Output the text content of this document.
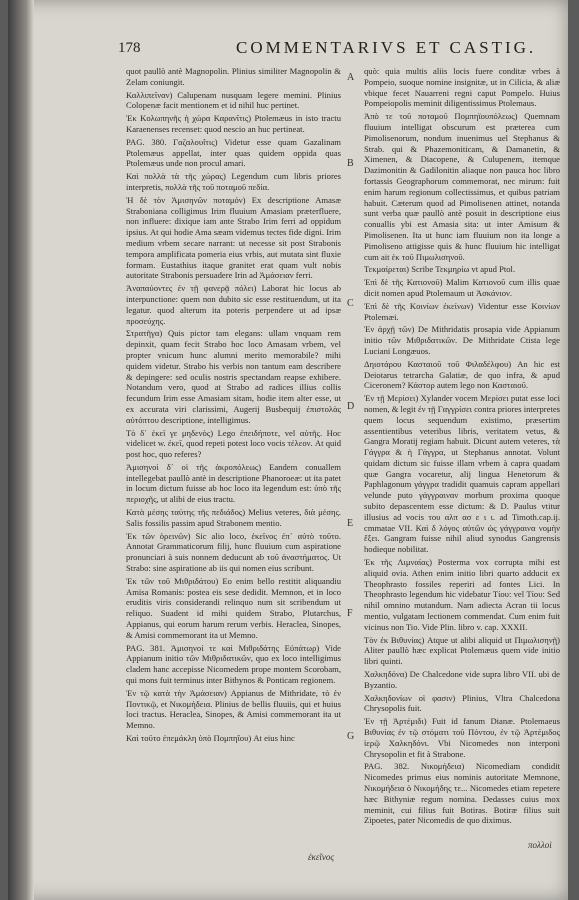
178	COMMENTARIVS ET CASTIG.

quot paullò antè Magnopolin. Plinius similiter Magnopolin & Zelam coniungit.

Καλλιπεῖναν) Calupenam nusquam legere memini. Plinius Colopenæ facit mentionem et id nihil huc pertinet.

Ἐκ Κολωπηνῆς ἡ χώρα Καρανῖτις) Ptolemæus in isto tractu Karaenenses recenset: quod nescio an huc pertineat.

PAG. 380. Γαζαλουΐτις) Videtur esse quam Gazalinam Ptolemæus appellat, inter quas quidem oppida quas Ptolemæus unde non procul amari.

Καὶ πολλὰ τὰ τῆς χώρας) Legendum cum libris priores interpretis, πολλὰ τῆς τοῦ ποταμοῦ πεδία.

Ἡ δὲ τὸν Ἀμισηνῶν ποταμόν) Ex descriptione Amasæ Straboniana colligimus Irim fluuium Amasiam præterfluere, non influere: dixique iam ante Strabo Irim ferri ad oppidum ipsius. At qui hodie Ama sæam videmus tectes fide digni. Irim medium vrbem secare narrant: ut necesse sit post Strabonis tempora amplificata pomeria eius vrbis, aut mutata sint fluxie formam. Eustathius itaque granitet erat quam vult nobis autoritate Strabonis persuadere Irin ad Ἀμάσειαν ferri.

Ἀναπαύοντες ἐν τῇ φανερᾷ πόλει) Laborat hic locus ab interpunctione: quem non dubito sic esse restituendum, ut ita legatur. quod alterum ita poteris perpendere ut ad ipsæ προσεύχης.

Στρατῆγα) Quis pictor tam elegans: ullam vnquam rem depinxit, quam fecit Strabo hoc loco Amasam vrbem, vel propter vnicum hunc alumni merito memorabile? mihi quidem videtur. Strabo his verbis non tantum eam describere & depingere: sed oculis nostris spectandam reapse exhibere. Notandum vero, quod at Strabo ad radices illius collis fecundum Irim esse Amasiam sitam, hodie item alter esse, ut ex accurata viri clarissimi, Augerij Busbequij ἐπιστολὰς αὐτόπτου descriptione, intelligimus.

Τὸ δ᾿ ἐκεῖ γε μηδενὸς) Lego ἐπειδήποτε, vel αὐτῆς. Hoc videlicet w. ἐκεῖ, quod repeti potest loco vocis τέλεον. At quid post hoc, quo referes?

Ἀμισηνοὶ δ᾿ οἱ τῆς ἀκροπόλεως) Eandem conuallem intellegebat paullò antè in descriptione Phanoroeæ: ut ita patet in locum dictum fuisse ab hoc loco ita legendum est: ὑπὸ τῆς περιοχῆς, ut alibi de eius tractu.

Κατὰ μέσης ταύτης τῆς πεδιάδος) Melius veteres, διὰ μέσης. Salis fossilis passim apud Strabonem mentio.

Ἐκ τῶν ὁρεινῶν) Sic alio loco, ἐκεῖνος ἐπ᾿ αὐτὸ τοῦτο. Annotat Grammaticorum filij, hunc fluuium cum aspiratione pronunciari à suis nonnem deducunt ab τοῦ ἀναστήματος. Ut Strabo: sine aspiratione ab iis qui nomen eius scribunt.

Ἐκ τῶν τοῦ Μιθριδάτου) Eo enim bello restitit aliquandiu Amisa Romanis: postea eis sese dedidit. Memnon, et in loco eruditis viris considerandi relinquo num sit scribendum ut reliquo. Suadent id mihi quidem Strabo, Plutarchus, Appianus, qui eorum harum rerum verbis. Heraclea, Sinopes, & Amisi commemorant ita ut Memno.

PAG. 381. Ἀμισηνοί τε καὶ Μιθριδάτης Εὐπάτωρ) Vide Appianum initio τῶν Μιθριδατικῶν, quo ex loco intelligimus cladem hanc accepisse Nicomedem prope montem Scorobam, qui mons fuit terminus inter Bithynos & Ponticam regionem.

Ἐν τῷ κατὰ τὴν Ἀμάσειαν) Appianus de Mithridate, τὸ ἐν Ποντικῷ, et Νικομήδεια. Plinius de bellis fluuiis, qui et huius loci tractus. Heraclea, Sinopes, & Amisi commemorant ita ut Memno.

Καὶ τοῦτο ἐπεμάκλη ὑπὸ Πομπηΐου) At eius hinc

A
B
C
D
E
F
G

quò: quia multis aliis locis fuere conditæ vrbes à Pompeio, suoque nomine insignitæ, ut in Cilicia, & aliæ vbique fecet Nauarreni regni caput Pompelo. Huius Pompeiopolis meminit diligentissimus Ptolemaus.

Ἀπὸ τε τοῦ ποταμοῦ Πομπηϊουπόλεως) Quemnam fluuium intelligat obscurum est præterea cum Pimolisenorum, nondum inuenimus uel Stephanus & Strab. qui & Phazemoniticam, & Damanetin, & Ximenen, & Diacopene, & Culupenem, itemque Dazimonitin & Gadilonitin aliaque non pauca hoc libro fortassis Geographorum commemorat, nec mirum: fuit enim harum regionum collectissimus, et quibus patriam habuit. Cæterum quod ad Pimolisenen attinet, notanda sunt verba quæ paullò antè posuit in descriptione eius conuallis ybi est Amasia sita: ut inter Amisum & Pimolisenen. Ita ut hunc iam fluuium non ita longe a Pimoliseno attigisse quis & hunc fluuium hic intelligat cum ait ἐκ τοῦ Πιμωλισηνοῦ.

Τεκμαίρεται) Scribe Τεκμηρίω vt apud Ptol.

Ἐπὶ δὲ τῆς Κατιονοῦ) Malim Κατιονοῦ cum illis quae dicit nomen apud Ptolemaum ut Ἀσκάνιον.

Ἐπὶ δὲ τῆς Κοινίων ἐκείνων) Videntur esse Κοινίων Ptolemæi.

Ἐν ἀρχῇ τῶν) De Mithridatis prosapia vide Appianum initio τῶν Μιθριδατικῶν. De Mithridate Ctista lege Luciani Longæuos.

Δηιοτάρου Κασταιοῦ τοῦ Φιλαδέλφου) An hic est Deiotarus tetrarcha Galatiæ, de quo infra, & apud Ciceronem? Κάστορ autem lego non Κασταιοῦ.

Ἐν τῇ Μερίσει) Xylander vocem Μερίσει putat esse loci nomen, & legit ἐν τῇ Γαγγρίσει contra priores interpretes quem locus sequendum existimo, præsertim assentientibus veteribus libris, veritatem vetus, & Gangra Moratij regiam habuit. Dicunt autem veteres, τὰ Γάγγρα & ἡ Γάγγρα, ut Stephanus annotat. Volunt quidam dictum sic fuisse illam vrbem à capra quadam quæ Gangra vocaretur, alij lingua Henetorum & Paphlagonum γάγγρα tradidit quamuis capram appellari velunde puto γάγγραιναν morbum proxima quoque subito depascentem esse dictum: & D. Paulus vtitur illusius ad vocis του αλπ ασ ε ι ι. ad Timoth.cap.ij. cmmatae VII. Καὶ δ λόγος αὐτῶν ὡς γάγγραινα νομὴν ἕξει. Gangram fuisse nihil aliud synodus Gangrensis hodieque nobilitat.

Ἐκ τῆς Λιμναίας) Posterma vox corrupta mihi est aliquid ovia. Athen enim initio libri quarto adducit ex Theophrasto fossiles reperiri ad fontes Lici. In Theophrasto legendum hic videbatur Τίου: vel Τίου: Sed nihil omnino mutandum. Nam adiecta Acran tii locus mentio, vulgatam lectionem commendat. Cum enim fuit vicinus non Tio. Vide Plin. libro v. cap. XXXII.

Τὸν ἐκ Βιθυνίας) Atque ut alibi aliquid ut Πιμωλισηνῇ) Aliter paullò hæc explicat Ptolemæus quem vide initio libri quinti.

Χαλκηδόνα) De Chalcedone vide supra libro VII. ubi de Byzantio.

Χαλκηδονίων οἱ φασιν) Plinius, Vltra Chalcedona Chrysopolis fuit.

Ἐν τῇ Ἀρτέμιδι) Fuit id fanum Dianæ. Ptolemaeus Βιθυνίας ἐν τῷ στόματι τοῦ Πόντου, ἐν τῷ Ἀρτέμιδος ἱερῷ Χαλκηδόνι. Vbi Nicomedes non interponi Chrysopolin et fit à Strabone.

PAG. 382. Νικομήδεια) Nicomediam condidit Nicomedes primus eius nominis autoritate Memnone, Νικομήδεια ὁ Νικομήδης τε... Nicomedes etiam repetere hæc Bithyniæ regum nomina. Dedasses cuius mox meminit, cui filius fuit Botiras. Botiræ filius suit Zipoetes, pater Nicomedis de quo diximus.

ἐκεῖνος
πολλοὶ
